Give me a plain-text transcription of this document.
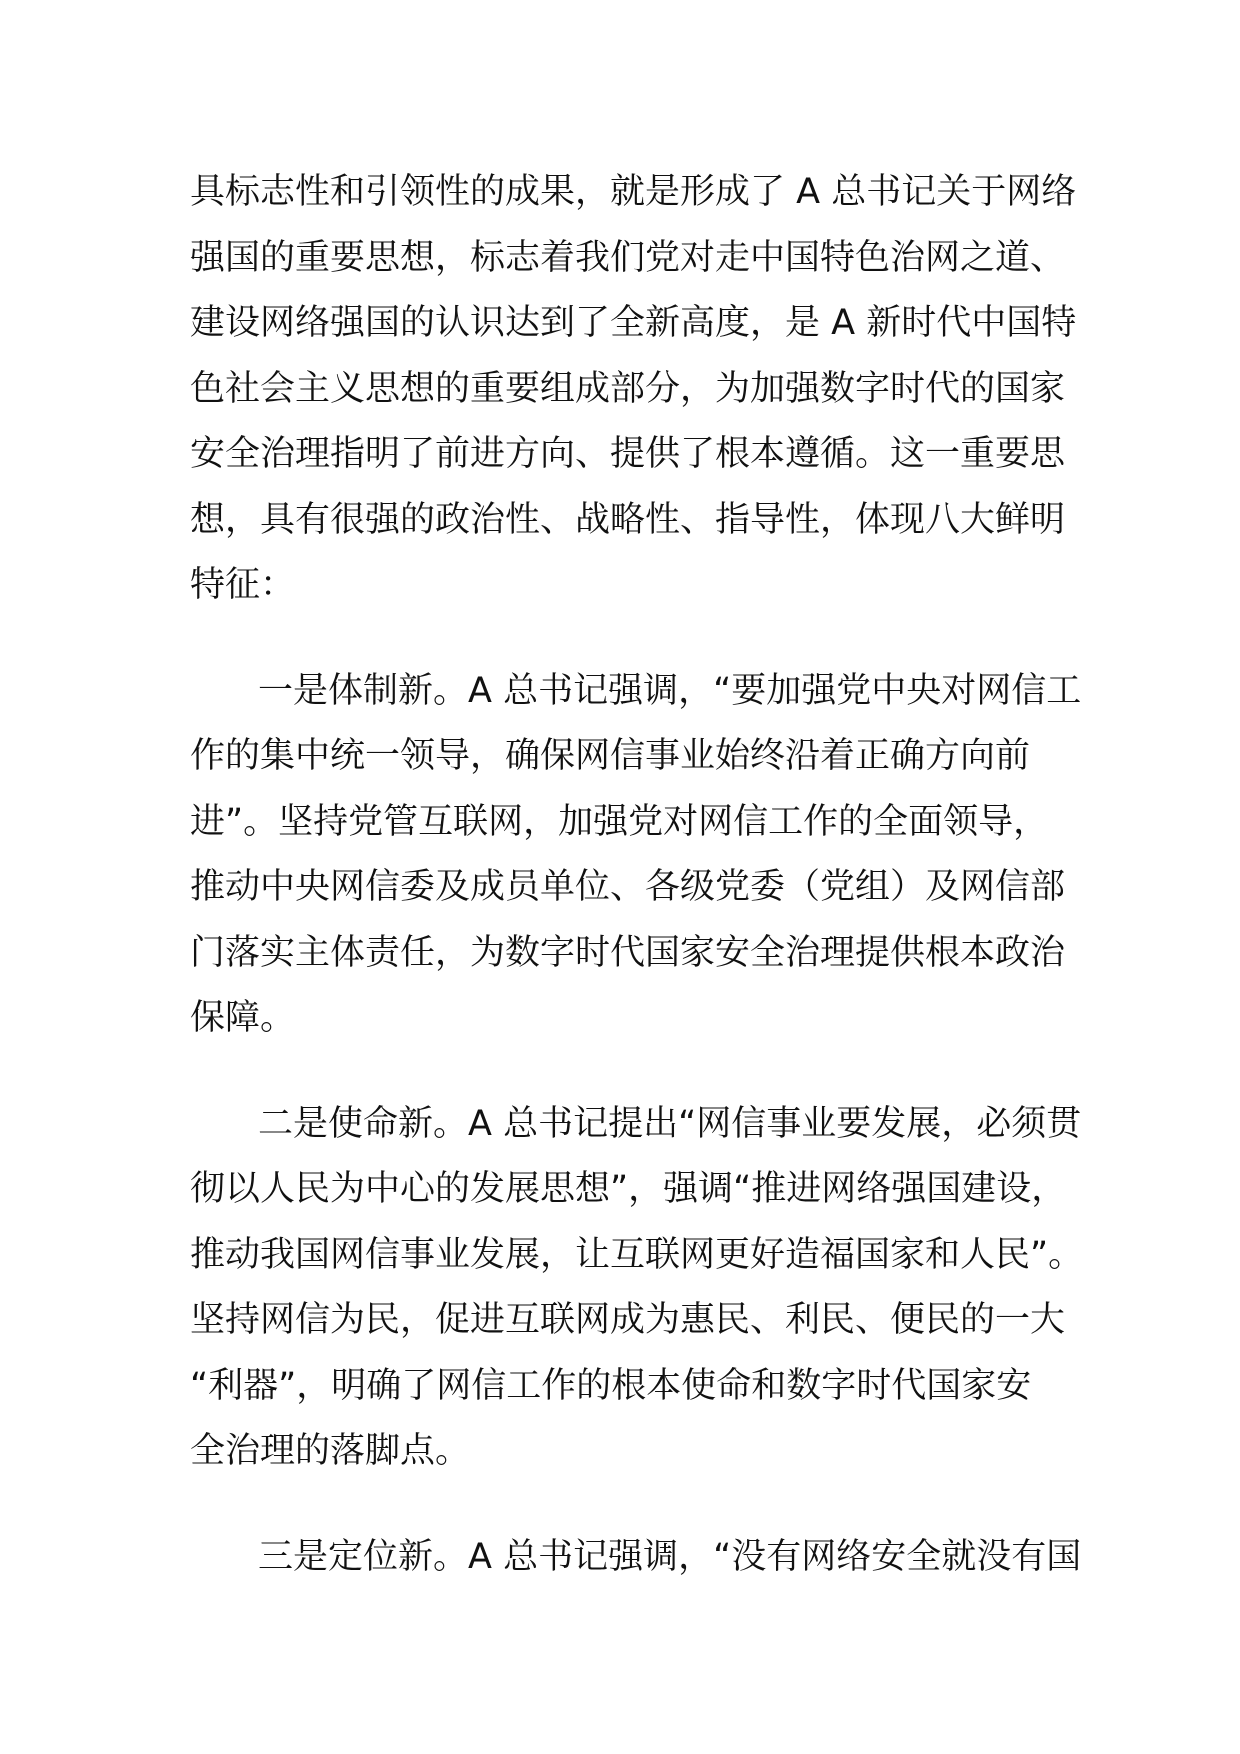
具标志性和引领性的成果，就是形成了 A 总书记关于网络
强国的重要思想，标志着我们党对走中国特色治网之道、
建设网络强国的认识达到了全新高度，是 A 新时代中国特
色社会主义思想的重要组成部分，为加强数字时代的国家
安全治理指明了前进方向、提供了根本遵循。这一重要思
想，具有很强的政治性、战略性、指导性，体现八大鲜明
特征：
一是体制新。A 总书记强调，“要加强党中央对网信工
作的集中统一领导，确保网信事业始终沿着正确方向前
进”。坚持党管互联网，加强党对网信工作的全面领导，
推动中央网信委及成员单位、各级党委（党组）及网信部
门落实主体责任，为数字时代国家安全治理提供根本政治
保障。
二是使命新。A 总书记提出“网信事业要发展，必须贯
彻以人民为中心的发展思想”，强调“推进网络强国建设，
推动我国网信事业发展，让互联网更好造福国家和人民”。
坚持网信为民，促进互联网成为惠民、利民、便民的一大
“利器”，明确了网信工作的根本使命和数字时代国家安
全治理的落脚点。
三是定位新。A 总书记强调，“没有网络安全就没有国
